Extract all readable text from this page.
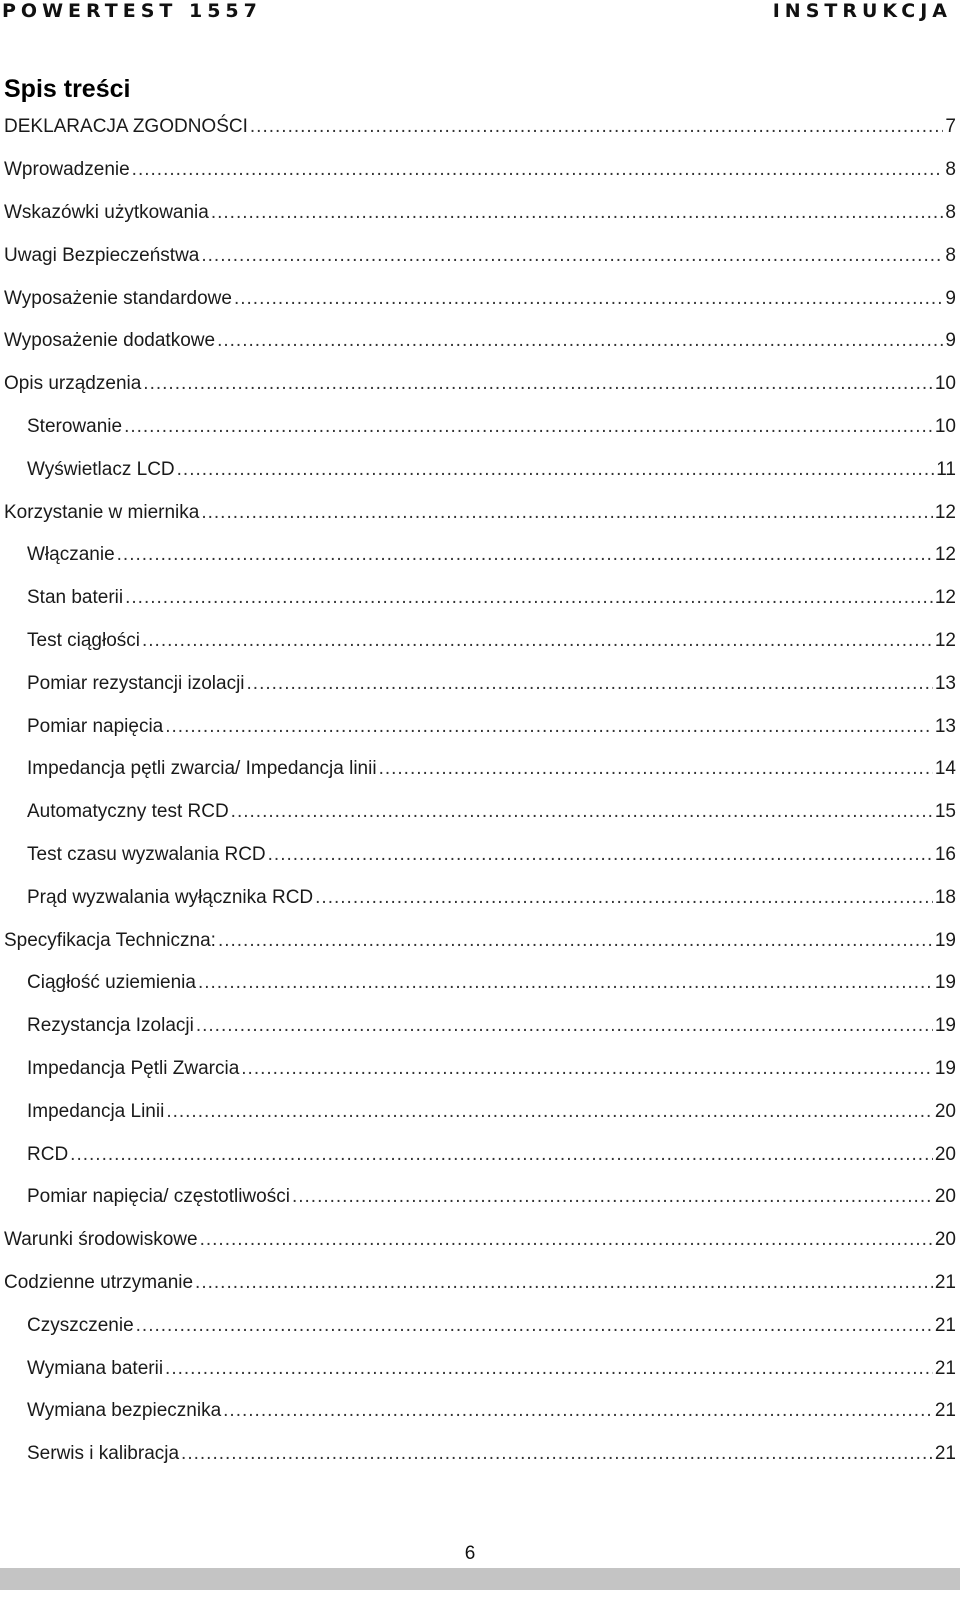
POWERTEST 1557	INSTRUKCJA
Spis treści
DEKLARACJA ZGODNOŚCI .....	7
Wprowadzenie .....	8
Wskazówki użytkowania .....	8
Uwagi Bezpieczeństwa .....	8
Wyposażenie standardowe .....	9
Wyposażenie dodatkowe .....	9
Opis urządzenia .....	10
Sterowanie .....	10
Wyświetlacz LCD .....	11
Korzystanie w miernika .....	12
Włączanie .....	12
Stan baterii .....	12
Test ciągłości .....	12
Pomiar rezystancji izolacji .....	13
Pomiar napięcia .....	13
Impedancja pętli zwarcia/ Impedancja linii .....	14
Automatyczny test RCD .....	15
Test czasu wyzwalania RCD .....	16
Prąd wyzwalania wyłącznika RCD .....	18
Specyfikacja Techniczna: .....	19
Ciągłość uziemienia .....	19
Rezystancja Izolacji .....	19
Impedancja Pętli Zwarcia .....	19
Impedancja Linii .....	20
RCD .....	20
Pomiar napięcia/ częstotliwości .....	20
Warunki środowiskowe .....	20
Codzienne utrzymanie .....	21
Czyszczenie .....	21
Wymiana baterii .....	21
Wymiana bezpiecznika .....	21
Serwis i kalibracja .....	21
6
